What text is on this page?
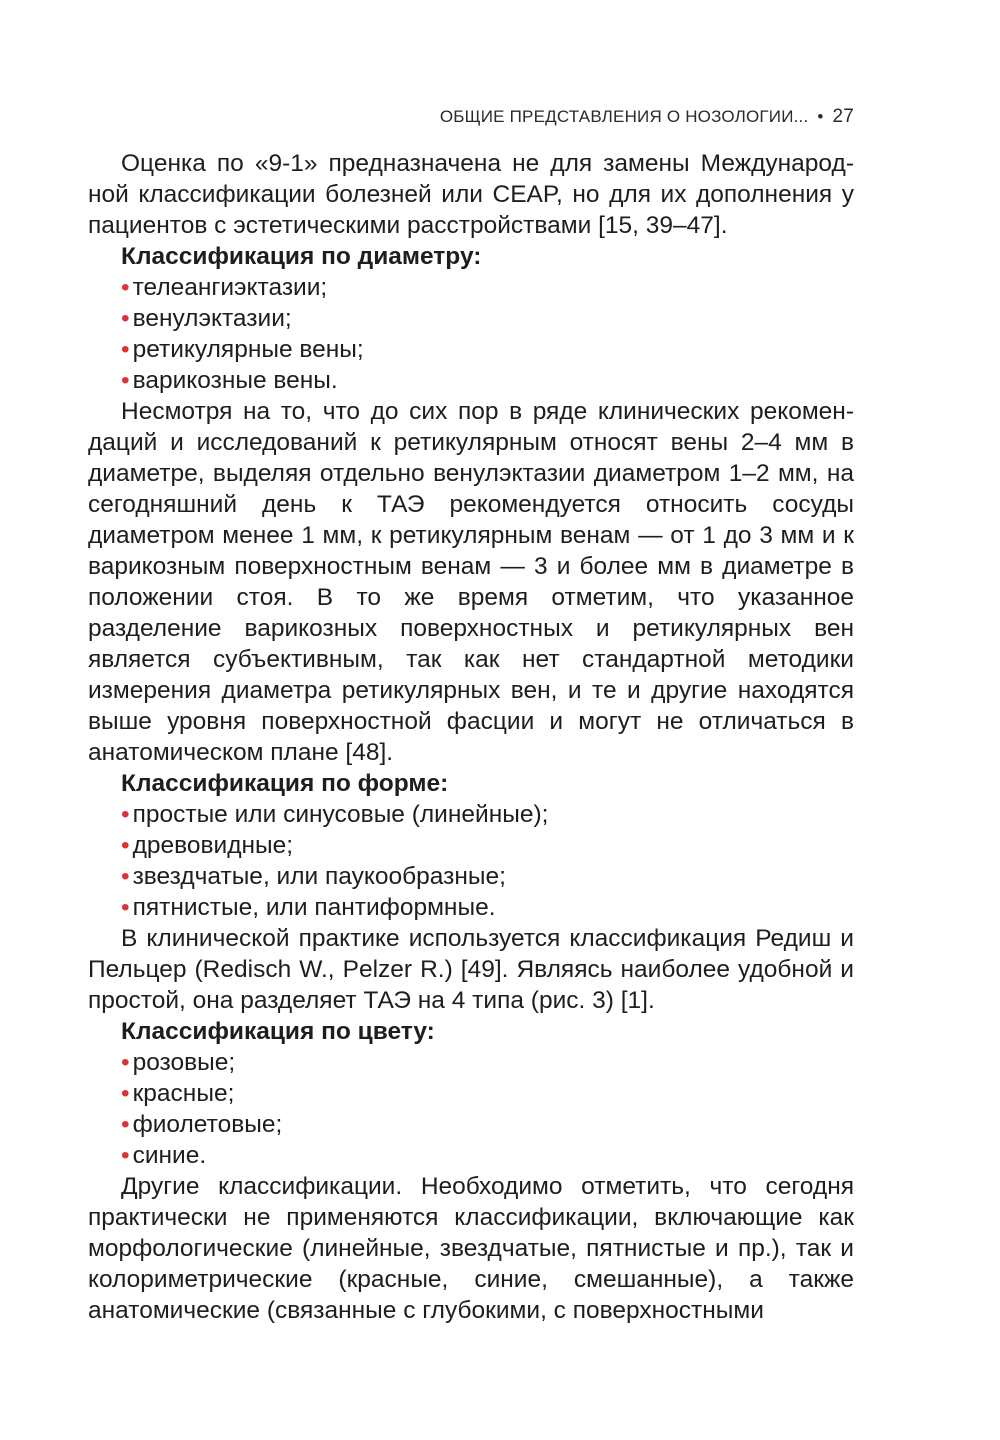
ОБЩИЕ ПРЕДСТАВЛЕНИЯ О НОЗОЛОГИИ... • 27

Оценка по «9-1» предназначена не для замены Международной классификации болезней или CEAP, но для их дополнения у пациентов с эстетическими расстройствами [15, 39–47].

Классификация по диаметру:

• телеангиэктазии;
• венулэктазии;
• ретикулярные вены;
• варикозные вены.

Несмотря на то, что до сих пор в ряде клинических рекомендаций и исследований к ретикулярным относят вены 2–4 мм в диаметре, выделяя отдельно венулэктазии диаметром 1–2 мм, на сегодняшний день к ТАЭ рекомендуется относить сосуды диаметром менее 1 мм, к ретикулярным венам — от 1 до 3 мм и к варикозным поверхностным венам — 3 и более мм в диаметре в положении стоя. В то же время отметим, что указанное разделение варикозных поверхностных и ретикулярных вен является субъективным, так как нет стандартной методики измерения диаметра ретикулярных вен, и те и другие находятся выше уровня поверхностной фасции и могут не отличаться в анатомическом плане [48].

Классификация по форме:

• простые или синусовые (линейные);
• древовидные;
• звездчатые, или паукообразные;
• пятнистые, или пантиформные.

В клинической практике используется классификация Редиш и Пельцер (Redisch W., Pelzer R.) [49]. Являясь наиболее удобной и простой, она разделяет ТАЭ на 4 типа (рис. 3) [1].

Классификация по цвету:

• розовые;
• красные;
• фиолетовые;
• синие.

Другие классификации. Необходимо отметить, что сегодня практически не применяются классификации, включающие как морфологические (линейные, звездчатые, пятнистые и пр.), так и колориметрические (красные, синие, смешанные), а также анатомические (связанные с глубокими, с поверхностными
